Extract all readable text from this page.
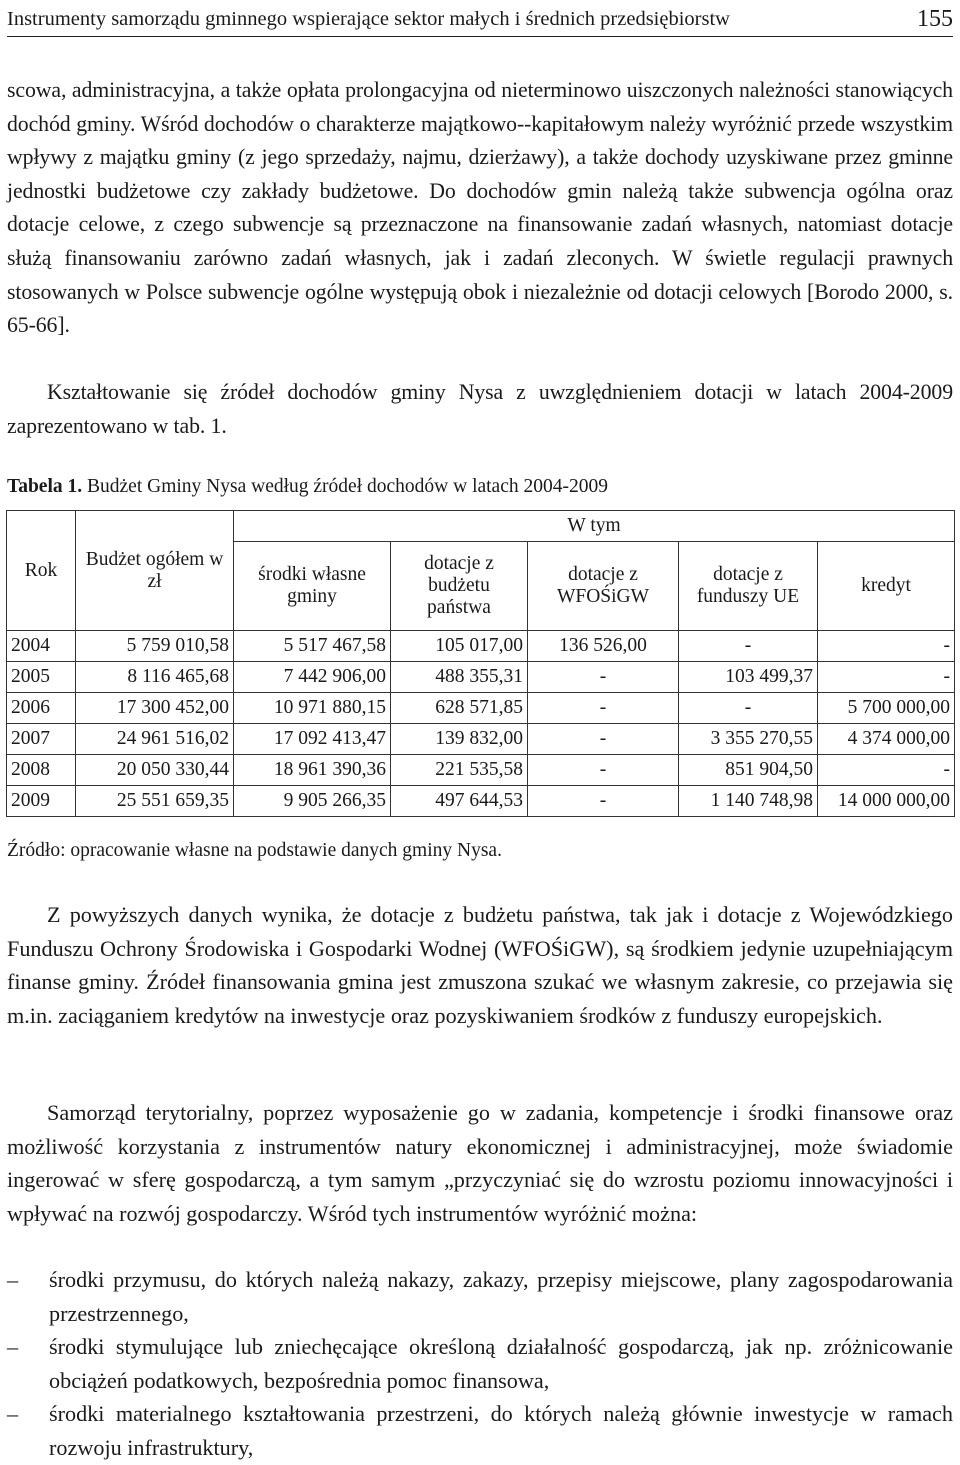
Instrumenty samorządu gminnego wspierające sektor małych i średnich przedsiębiorstw	155

scowa, administracyjna, a także opłata prolongacyjna od nieterminowo uiszczonych należności stanowiących dochód gminy. Wśród dochodów o charakterze majątkowo--kapitałowym należy wyróżnić przede wszystkim wpływy z majątku gminy (z jego sprzedaży, najmu, dzierżawy), a także dochody uzyskiwane przez gminne jednostki budżetowe czy zakłady budżetowe. Do dochodów gmin należą także subwencja ogólna oraz dotacje celowe, z czego subwencje są przeznaczone na finansowanie zadań własnych, natomiast dotacje służą finansowaniu zarówno zadań własnych, jak i zadań zleconych. W świetle regulacji prawnych stosowanych w Polsce subwencje ogólne występują obok i niezależnie od dotacji celowych [Borodo 2000, s. 65-66].

Kształtowanie się źródeł dochodów gminy Nysa z uwzględnieniem dotacji w latach 2004-2009 zaprezentowano w tab. 1.

Tabela 1. Budżet Gminy Nysa według źródeł dochodów w latach 2004-2009
Rok	Budżet ogółem w zł	W tym				
		środki własne gminy	dotacje z budżetu państwa	dotacje z WFOŚiGW	dotacje z funduszy UE	kredyt
2004	5 759 010,58	5 517 467,58	105 017,00	136 526,00	-	-
2005	8 116 465,68	7 442 906,00	488 355,31	-	103 499,37	-
2006	17 300 452,00	10 971 880,15	628 571,85	-	-	5 700 000,00
2007	24 961 516,02	17 092 413,47	139 832,00	-	3 355 270,55	4 374 000,00
2008	20 050 330,44	18 961 390,36	221 535,58	-	851 904,50	-
2009	25 551 659,35	9 905 266,35	497 644,53	-	1 140 748,98	14 000 000,00
Źródło: opracowanie własne na podstawie danych gminy Nysa.

Z powyższych danych wynika, że dotacje z budżetu państwa, tak jak i dotacje z Wojewódzkiego Funduszu Ochrony Środowiska i Gospodarki Wodnej (WFOŚiGW), są środkiem jedynie uzupełniającym finanse gminy. Źródeł finansowania gmina jest zmuszona szukać we własnym zakresie, co przejawia się m.in. zaciąganiem kredytów na inwestycje oraz pozyskiwaniem środków z funduszy europejskich.

Samorząd terytorialny, poprzez wyposażenie go w zadania, kompetencje i środki finansowe oraz możliwość korzystania z instrumentów natury ekonomicznej i administracyjnej, może świadomie ingerować w sferę gospodarczą, a tym samym „przyczyniać się do wzrostu poziomu innowacyjności i wpływać na rozwój gospodarczy. Wśród tych instrumentów wyróżnić można:

– środki przymusu, do których należą nakazy, zakazy, przepisy miejscowe, plany zagospodarowania przestrzennego,
– środki stymulujące lub zniechęcające określoną działalność gospodarczą, jak np. zróżnicowanie obciążeń podatkowych, bezpośrednia pomoc finansowa,
– środki materialnego kształtowania przestrzeni, do których należą głównie inwestycje w ramach rozwoju infrastruktury,
